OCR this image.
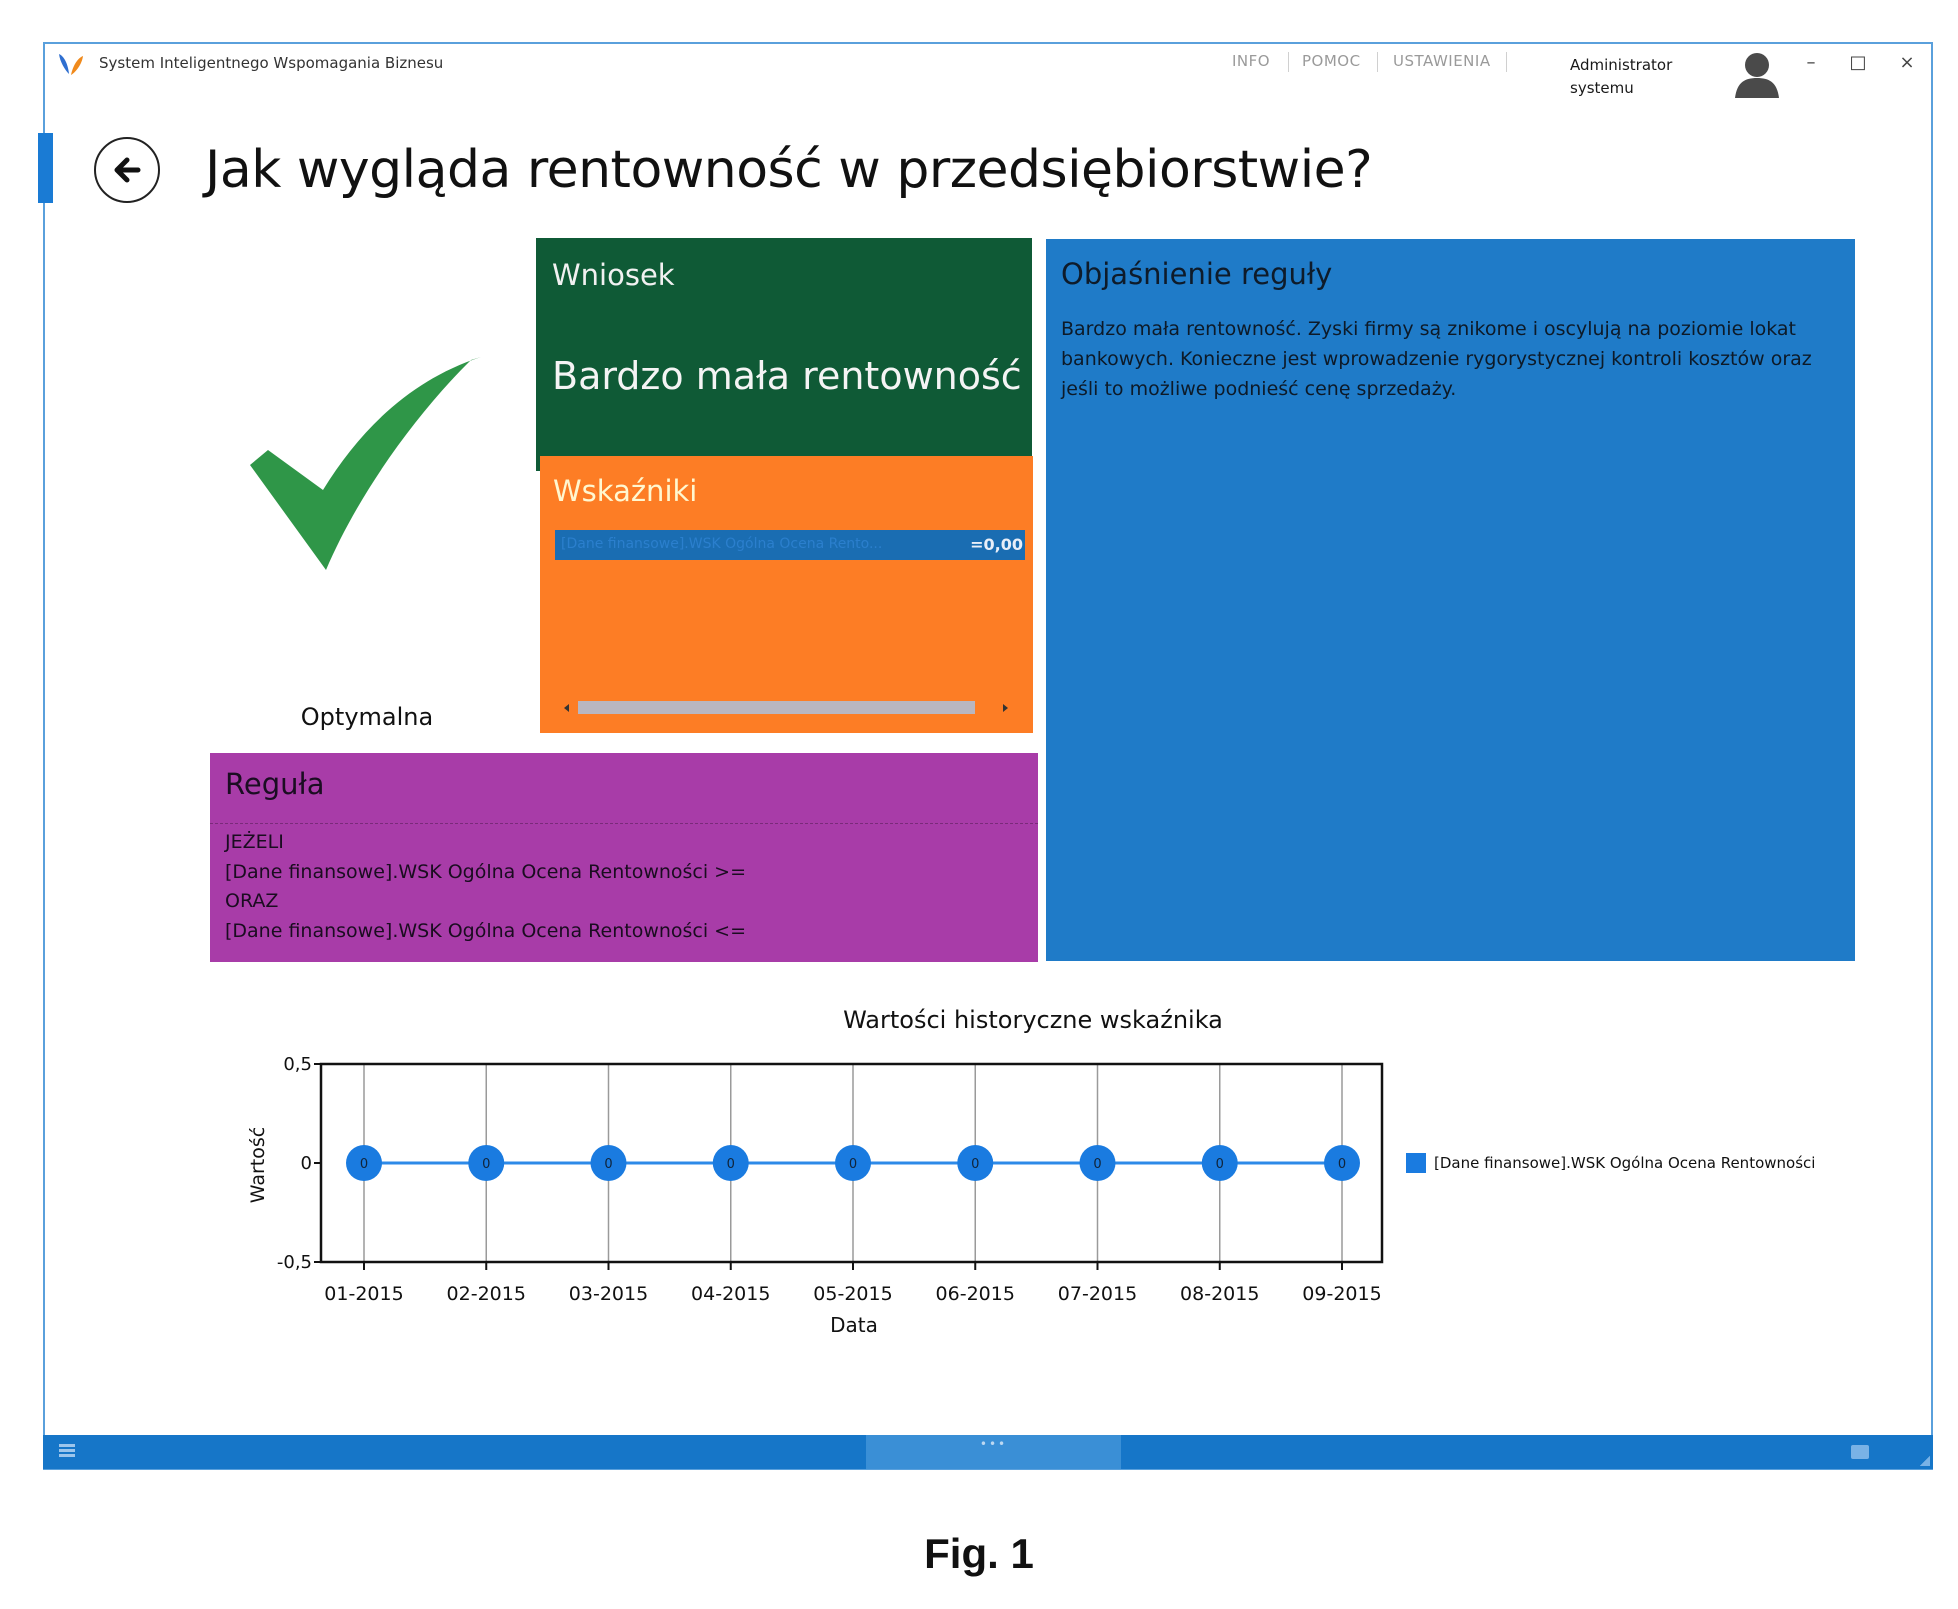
System Inteligentnego Wspomagania Biznesu	INFO POMOC USTAWIENIA	Administrator
systemu
–	□	×
Jak wygląda rentowność w przedsiębiorstwie?
Optymalna
Wniosek
Bardzo mała rentowność
Wskaźniki
[Dane finansowe].WSK Ogólna Ocena Rento...	=0,00
Objaśnienie reguły
Bardzo mała rentowność. Zyski firmy są znikome i oscylują na poziomie lokat bankowych. Konieczne jest wprowadzenie rygorystycznej kontroli kosztów oraz jeśli to możliwe podnieść cenę sprzedaży.
Reguła
JEŻELI
[Dane finansowe].WSK Ogólna Ocena Rentowności >=
ORAZ
[Dane finansowe].WSK Ogólna Ocena Rentowności <=
Wartości historyczne wskaźnika
Wartość
Data
0,5
0
-0,5
01-2015 02-2015 03-2015 04-2015 05-2015 06-2015 07-2015 08-2015 09-2015
0	0	0	0	0	0	0	0	0	[Dane finansowe].WSK Ogólna Ocena Rentowności
•••
Fig. 1
